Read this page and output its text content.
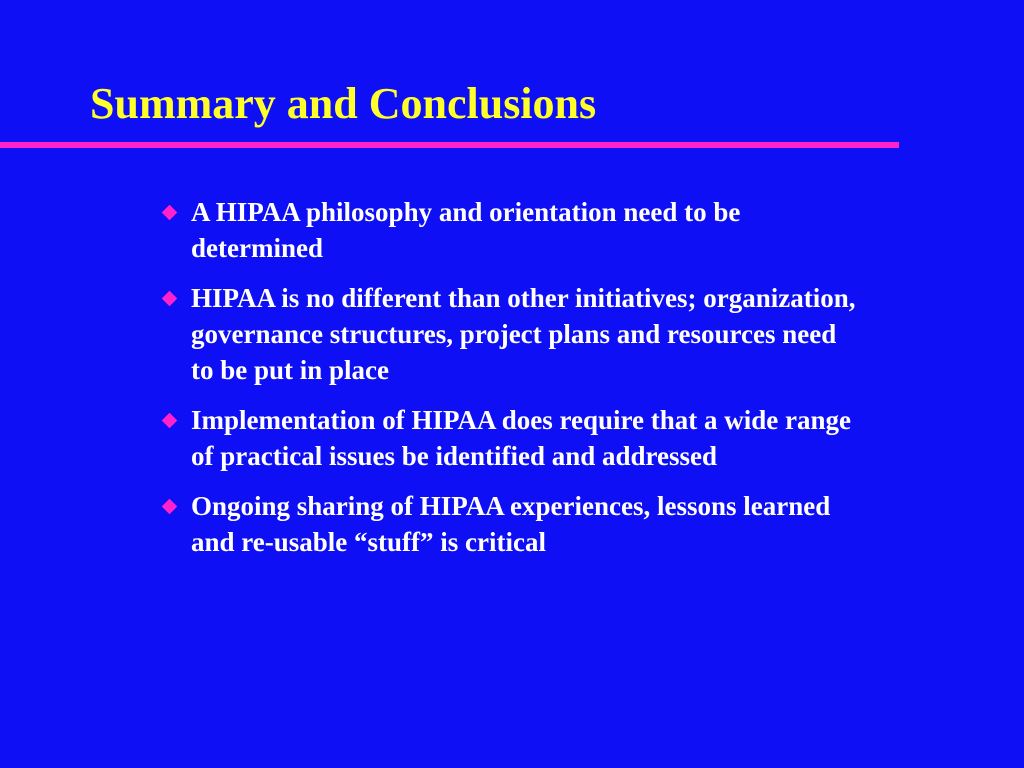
Summary and Conclusions
A HIPAA philosophy and orientation need to be determined
HIPAA is no different than other initiatives; organization, governance structures, project plans and resources need to be put in place
Implementation of HIPAA does require that a wide range of practical issues be identified and addressed
Ongoing sharing of HIPAA experiences, lessons learned and re-usable “stuff” is critical
